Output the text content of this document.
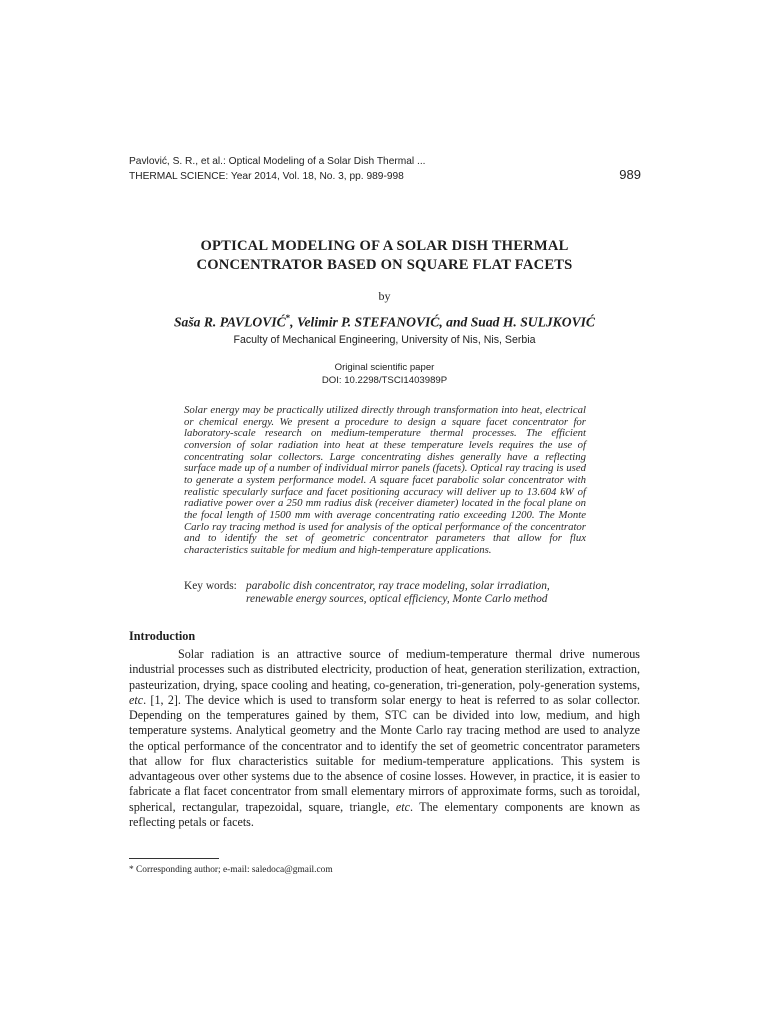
Pavlović, S. R., et al.: Optical Modeling of a Solar Dish Thermal ...
THERMAL SCIENCE: Year 2014, Vol. 18, No. 3, pp. 989-998	989
OPTICAL MODELING OF A SOLAR DISH THERMAL
CONCENTRATOR BASED ON SQUARE FLAT FACETS
by
Saša R. PAVLOVIĆ*, Velimir P. STEFANOVIĆ, and Suad H. SULJKOVIĆ
Faculty of Mechanical Engineering, University of Nis, Nis, Serbia
Original scientific paper
DOI: 10.2298/TSCI1403989P
Solar energy may be practically utilized directly through transformation into heat, electrical or chemical energy. We present a procedure to design a square facet concentrator for laboratory-scale research on medium-temperature thermal processes. The efficient conversion of solar radiation into heat at these temperature levels requires the use of concentrating solar collectors. Large concentrating dishes generally have a reflecting surface made up of a number of individual mirror panels (facets). Optical ray tracing is used to generate a system performance model. A square facet parabolic solar concentrator with realistic specularly surface and facet positioning accuracy will deliver up to 13.604 kW of radiative power over a 250 mm radius disk (receiver diameter) located in the focal plane on the focal length of 1500 mm with average concentrating ratio exceeding 1200. The Monte Carlo ray tracing method is used for analysis of the optical performance of the concentrator and to identify the set of geometric concentrator parameters that allow for flux characteristics suitable for medium and high-temperature applications.
Key words: parabolic dish concentrator, ray trace modeling, solar irradiation,
renewable energy sources, optical efficiency, Monte Carlo method
Introduction
Solar radiation is an attractive source of medium-temperature thermal drive numerous industrial processes such as distributed electricity, production of heat, generation sterilization, extraction, pasteurization, drying, space cooling and heating, co-generation, tri-generation, poly-generation systems, etc. [1, 2]. The device which is used to transform solar energy to heat is referred to as solar collector. Depending on the temperatures gained by them, STC can be divided into low, medium, and high temperature systems. Analytical geometry and the Monte Carlo ray tracing method are used to analyze the optical performance of the concentrator and to identify the set of geometric concentrator parameters that allow for flux characteristics suitable for medium-temperature applications. This system is advantageous over other systems due to the absence of cosine losses. However, in practice, it is easier to fabricate a flat facet concentrator from small elementary mirrors of approximate forms, such as toroidal, spherical, rectangular, trapezoidal, square, triangle, etc. The elementary components are known as reflecting petals or facets.
* Corresponding author; e-mail: saledoca@gmail.com
